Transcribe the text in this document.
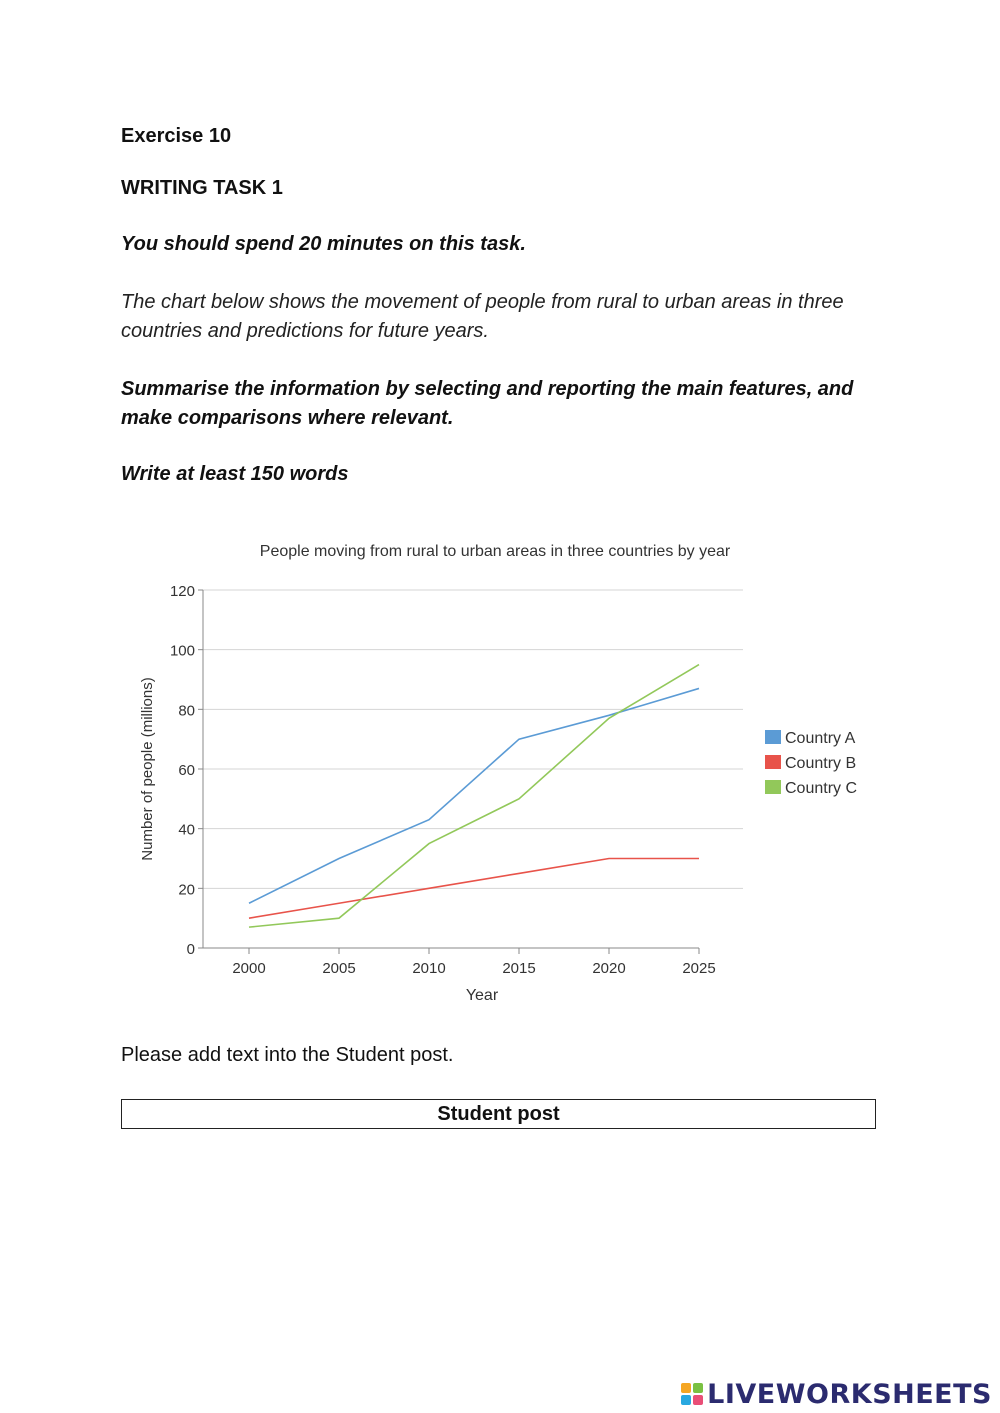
Exercise 10
WRITING TASK 1
You should spend 20 minutes on this task.
The chart below shows the movement of people from rural to urban areas in three countries and predictions for future years.
Summarise the information by selecting and reporting the main features, and make comparisons where relevant.
Write at least 150 words
People moving from rural to urban areas in three countries by year
0
20
40
60
80
100
120
2000	2005	2010	2015	2020	2025
Country A
Country B
Country C
Year
Number of people (millions)
Please add text into the Student post.
Student post
LIVEWORKSHEETS
